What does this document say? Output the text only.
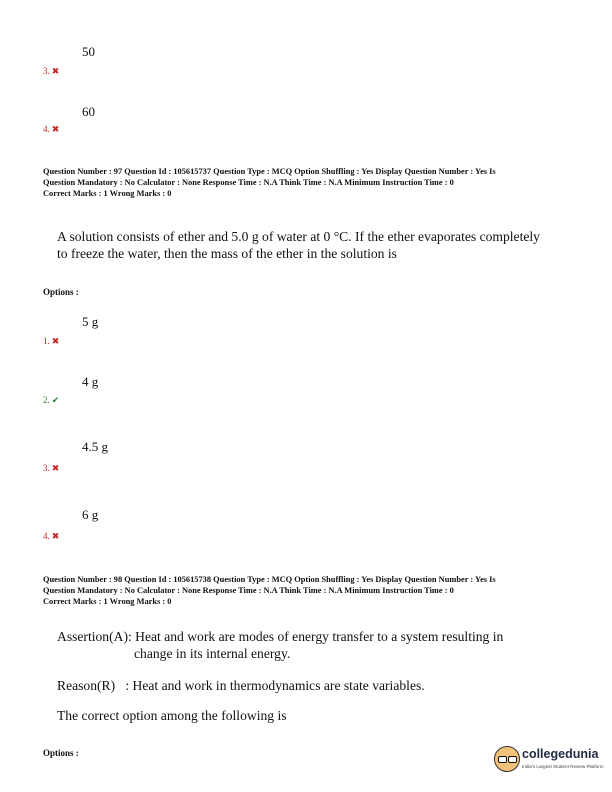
50
3. ✖
60
4. ✖
Question Number : 97 Question Id : 105615737 Question Type : MCQ Option Shuffling : Yes Display Question Number : Yes Is
Question Mandatory : No Calculator : None Response Time : N.A Think Time : N.A Minimum Instruction Time : 0
Correct Marks : 1 Wrong Marks : 0
A solution consists of ether and 5.0 g of water at 0 °C. If the ether evaporates completely
to freeze the water, then the mass of the ether in the solution is
Options :
5 g
1. ✖
4 g
2. ✔
4.5 g
3. ✖
6 g
4. ✖
Question Number : 98 Question Id : 105615738 Question Type : MCQ Option Shuffling : Yes Display Question Number : Yes Is
Question Mandatory : No Calculator : None Response Time : N.A Think Time : N.A Minimum Instruction Time : 0
Correct Marks : 1 Wrong Marks : 0
Assertion(A): Heat and work are modes of energy transfer to a system resulting in
change in its internal energy.
Reason(R)   : Heat and work in thermodynamics are state variables.
The correct option among the following is
Options :	collegedunia
India's Largest Student Review Platform
